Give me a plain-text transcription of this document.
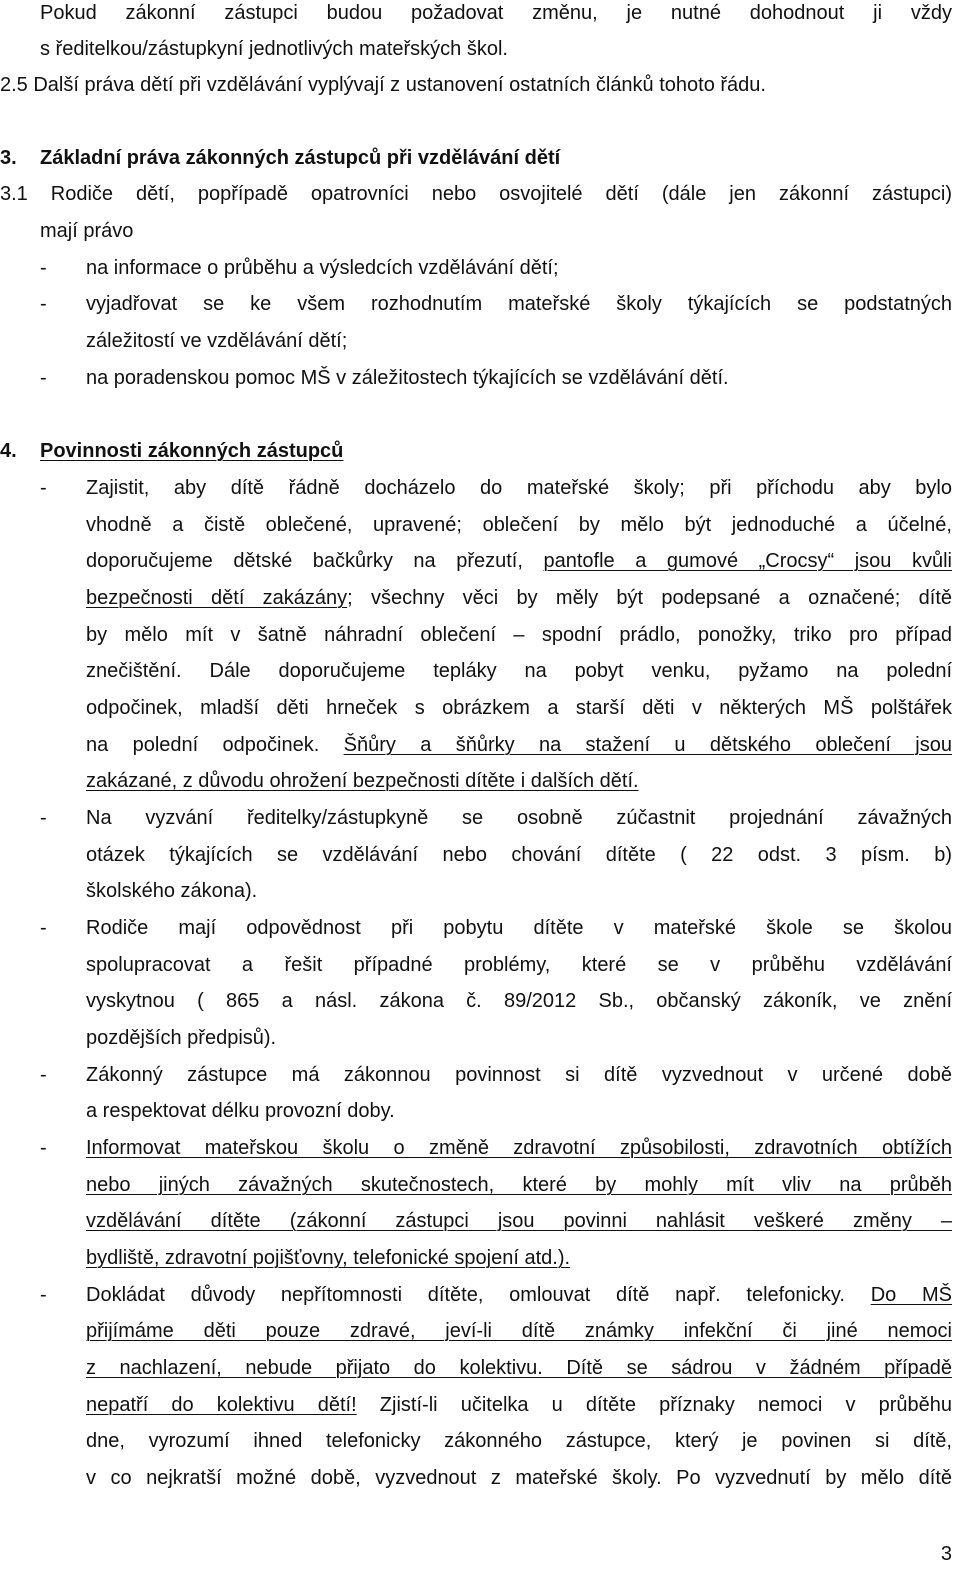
3
Pokud zákonní zástupci budou požadovat změnu, je nutné dohodnout ji vždy
s ředitelkou/zástupkyní jednotlivých mateřských škol.
2.5 Další práva dětí při vzdělávání vyplývají z ustanovení ostatních článků tohoto řádu.
3. Základní práva zákonných zástupců při vzdělávání dětí
3.1 Rodiče dětí, popřípadě opatrovníci nebo osvojitelé dětí (dále jen zákonní zástupci)
mají právo
- na informace o průběhu a výsledcích vzdělávání dětí;
- vyjadřovat se ke všem rozhodnutím mateřské školy týkajících se podstatných
záležitostí ve vzdělávání dětí;
- na poradenskou pomoc MŠ v záležitostech týkajících se vzdělávání dětí.
4. Povinnosti zákonných zástupců
- Zajistit, aby dítě řádně docházelo do mateřské školy; při příchodu aby bylo
vhodně a čistě oblečené, upravené; oblečení by mělo být jednoduché a účelné,
doporučujeme dětské bačkůrky na přezutí, pantofle a gumové „Crocsy“ jsou kvůli
bezpečnosti dětí zakázány; všechny věci by měly být podepsané a označené; dítě
by mělo mít v šatně náhradní oblečení – spodní prádlo, ponožky, triko pro případ
znečištění. Dále doporučujeme tepláky na pobyt venku, pyžamo na polední
odpočinek, mladší děti hrneček s obrázkem a starší děti v některých MŠ polštářek
na polední odpočinek. Šňůry a šňůrky na stažení u dětského oblečení jsou
zakázané, z důvodu ohrožení bezpečnosti dítěte i dalších dětí.
- Na vyzvání ředitelky/zástupkyně se osobně zúčastnit projednání závažných
otázek týkajících se vzdělávání nebo chování dítěte ( 22 odst. 3 písm. b)
školského zákona).
- Rodiče mají odpovědnost při pobytu dítěte v mateřské škole se školou
spolupracovat a řešit případné problémy, které se v průběhu vzdělávání
vyskytnou ( 865 a násl. zákona č. 89/2012 Sb., občanský zákoník, ve znění
pozdějších předpisů).
- Zákonný zástupce má zákonnou povinnost si dítě vyzvednout v určené době
a respektovat délku provozní doby.
- Informovat mateřskou školu o změně zdravotní způsobilosti, zdravotních obtížích
nebo jiných závažných skutečnostech, které by mohly mít vliv na průběh
vzdělávání dítěte (zákonní zástupci jsou povinni nahlásit veškeré změny –
bydliště, zdravotní pojišťovny, telefonické spojení atd.).
- Dokládat důvody nepřítomnosti dítěte, omlouvat dítě např. telefonicky. Do MŠ
přijímáme děti pouze zdravé, jeví-li dítě známky infekční či jiné nemoci
z nachlazení, nebude přijato do kolektivu. Dítě se sádrou v žádném případě
nepatří do kolektivu dětí! Zjistí-li učitelka u dítěte příznaky nemoci v průběhu
dne, vyrozumí ihned telefonicky zákonného zástupce, který je povinen si dítě,
v co nejkratší možné době, vyzvednout z mateřské školy. Po vyzvednutí by mělo dítě
